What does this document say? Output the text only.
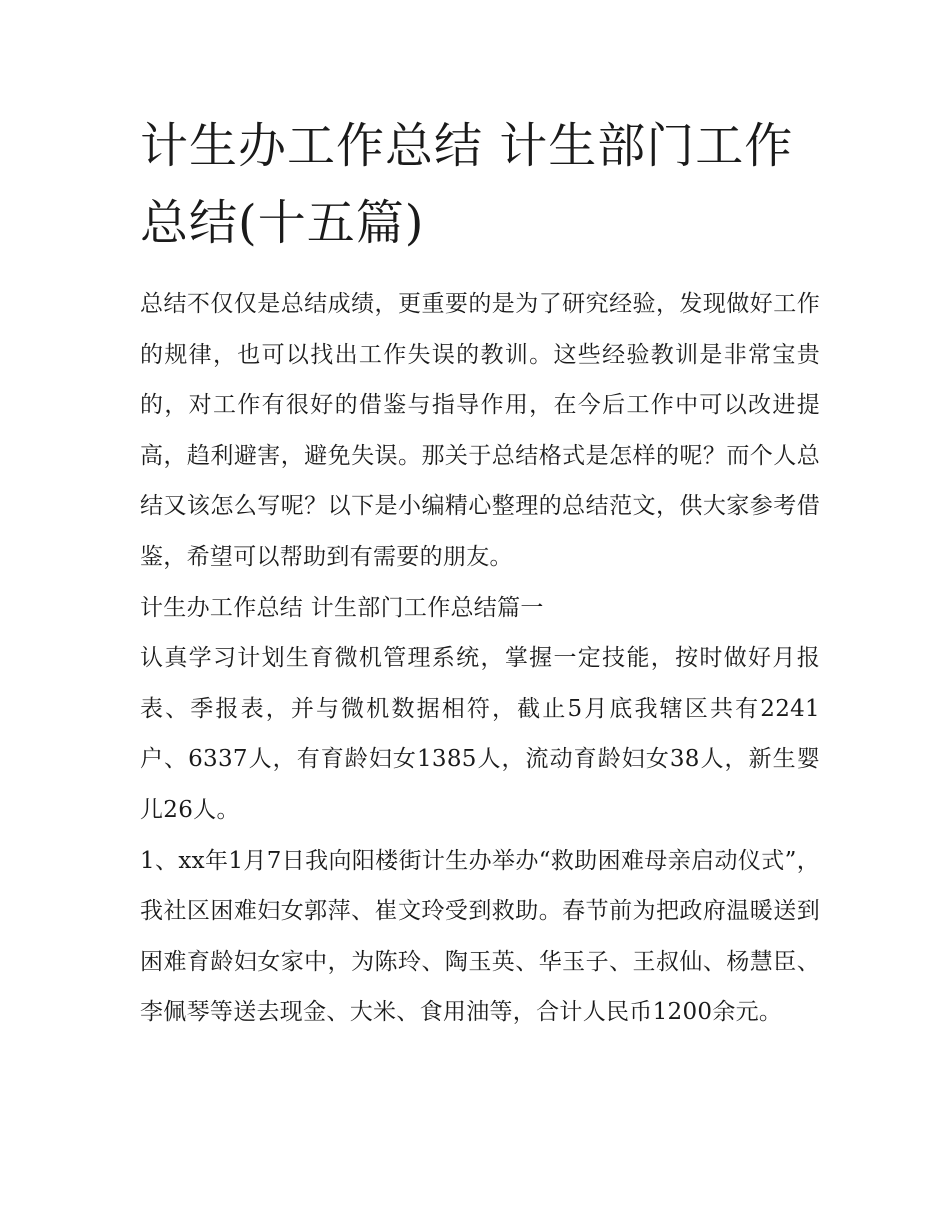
计生办工作总结 计生部门工作总结(十五篇)

总结不仅仅是总结成绩，更重要的是为了研究经验，发现做好工作的规律，也可以找出工作失误的教训。这些经验教训是非常宝贵的，对工作有很好的借鉴与指导作用，在今后工作中可以改进提高，趋利避害，避免失误。那关于总结格式是怎样的呢？而个人总结又该怎么写呢？以下是小编精心整理的总结范文，供大家参考借鉴，希望可以帮助到有需要的朋友。

计生办工作总结 计生部门工作总结篇一

认真学习计划生育微机管理系统，掌握一定技能，按时做好月报表、季报表，并与微机数据相符，截止5月底我辖区共有2241户、6337人，有育龄妇女1385人，流动育龄妇女38人，新生婴儿26人。

1、xx年1月7日我向阳楼街计生办举办“救助困难母亲启动仪式”，我社区困难妇女郭萍、崔文玲受到救助。春节前为把政府温暖送到困难育龄妇女家中，为陈玲、陶玉英、华玉子、王叔仙、杨慧臣、李佩琴等送去现金、大米、食用油等，合计人民币1200余元。
